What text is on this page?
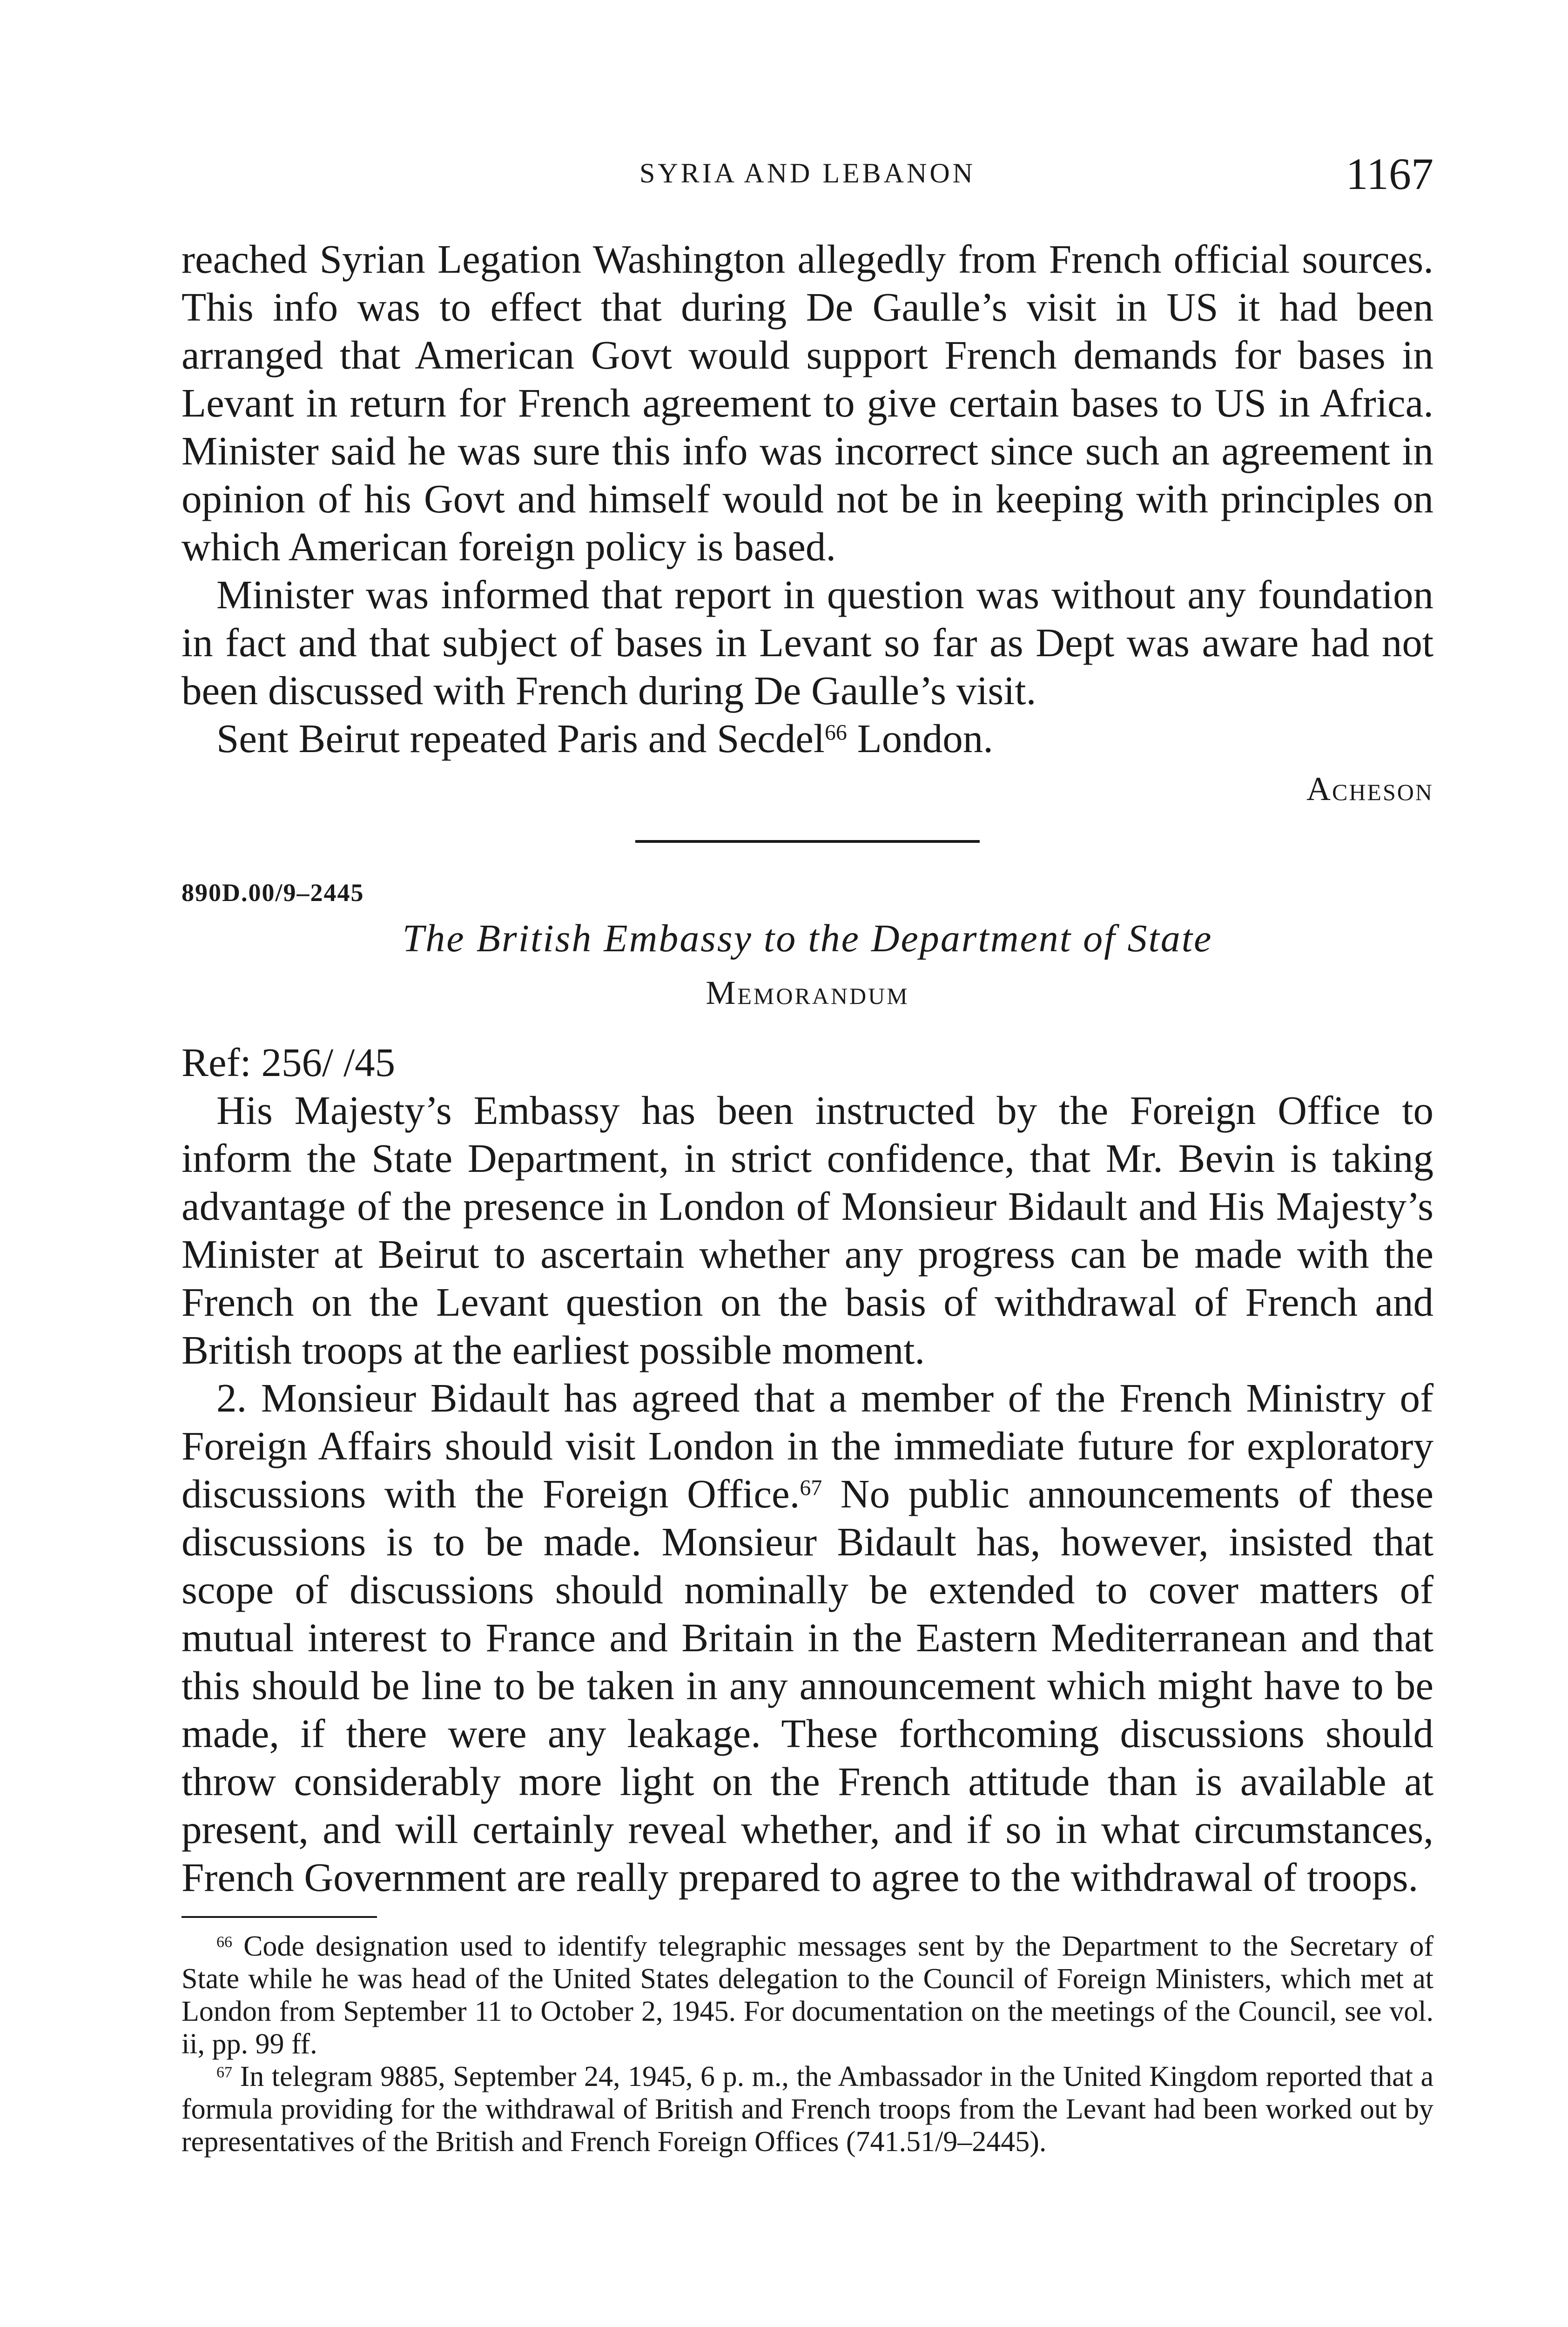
SYRIA AND LEBANON	1167

reached Syrian Legation Washington allegedly from French official sources. This info was to effect that during De Gaulle’s visit in US it had been arranged that American Govt would support French demands for bases in Levant in return for French agreement to give certain bases to US in Africa. Minister said he was sure this info was incorrect since such an agreement in opinion of his Govt and himself would not be in keeping with principles on which American foreign policy is based.

Minister was informed that report in question was without any foundation in fact and that subject of bases in Levant so far as Dept was aware had not been discussed with French during De Gaulle’s visit.

Sent Beirut repeated Paris and Secdel$^{66}$ London.

Acheson
890D.00/9–2445
The British Embassy to the Department of State
Memorandum
Ref: 256/ /45

His Majesty’s Embassy has been instructed by the Foreign Office to inform the State Department, in strict confidence, that Mr. Bevin is taking advantage of the presence in London of Monsieur Bidault and His Majesty’s Minister at Beirut to ascertain whether any progress can be made with the French on the Levant question on the basis of withdrawal of French and British troops at the earliest possible moment.

2. Monsieur Bidault has agreed that a member of the French Ministry of Foreign Affairs should visit London in the immediate future for exploratory discussions with the Foreign Office.$^{67}$ No public announcements of these discussions is to be made. Monsieur Bidault has, however, insisted that scope of discussions should nominally be extended to cover matters of mutual interest to France and Britain in the Eastern Mediterranean and that this should be line to be taken in any announcement which might have to be made, if there were any leakage. These forthcoming discussions should throw considerably more light on the French attitude than is available at present, and will certainly reveal whether, and if so in what circumstances, French Government are really prepared to agree to the withdrawal of troops.

$^{66}$ Code designation used to identify telegraphic messages sent by the Department to the Secretary of State while he was head of the United States delegation to the Council of Foreign Ministers, which met at London from September 11 to October 2, 1945. For documentation on the meetings of the Council, see vol. ii, pp. 99 ff.

$^{67}$ In telegram 9885, September 24, 1945, 6 p. m., the Ambassador in the United Kingdom reported that a formula providing for the withdrawal of British and French troops from the Levant had been worked out by representatives of the British and French Foreign Offices (741.51/9–2445).
